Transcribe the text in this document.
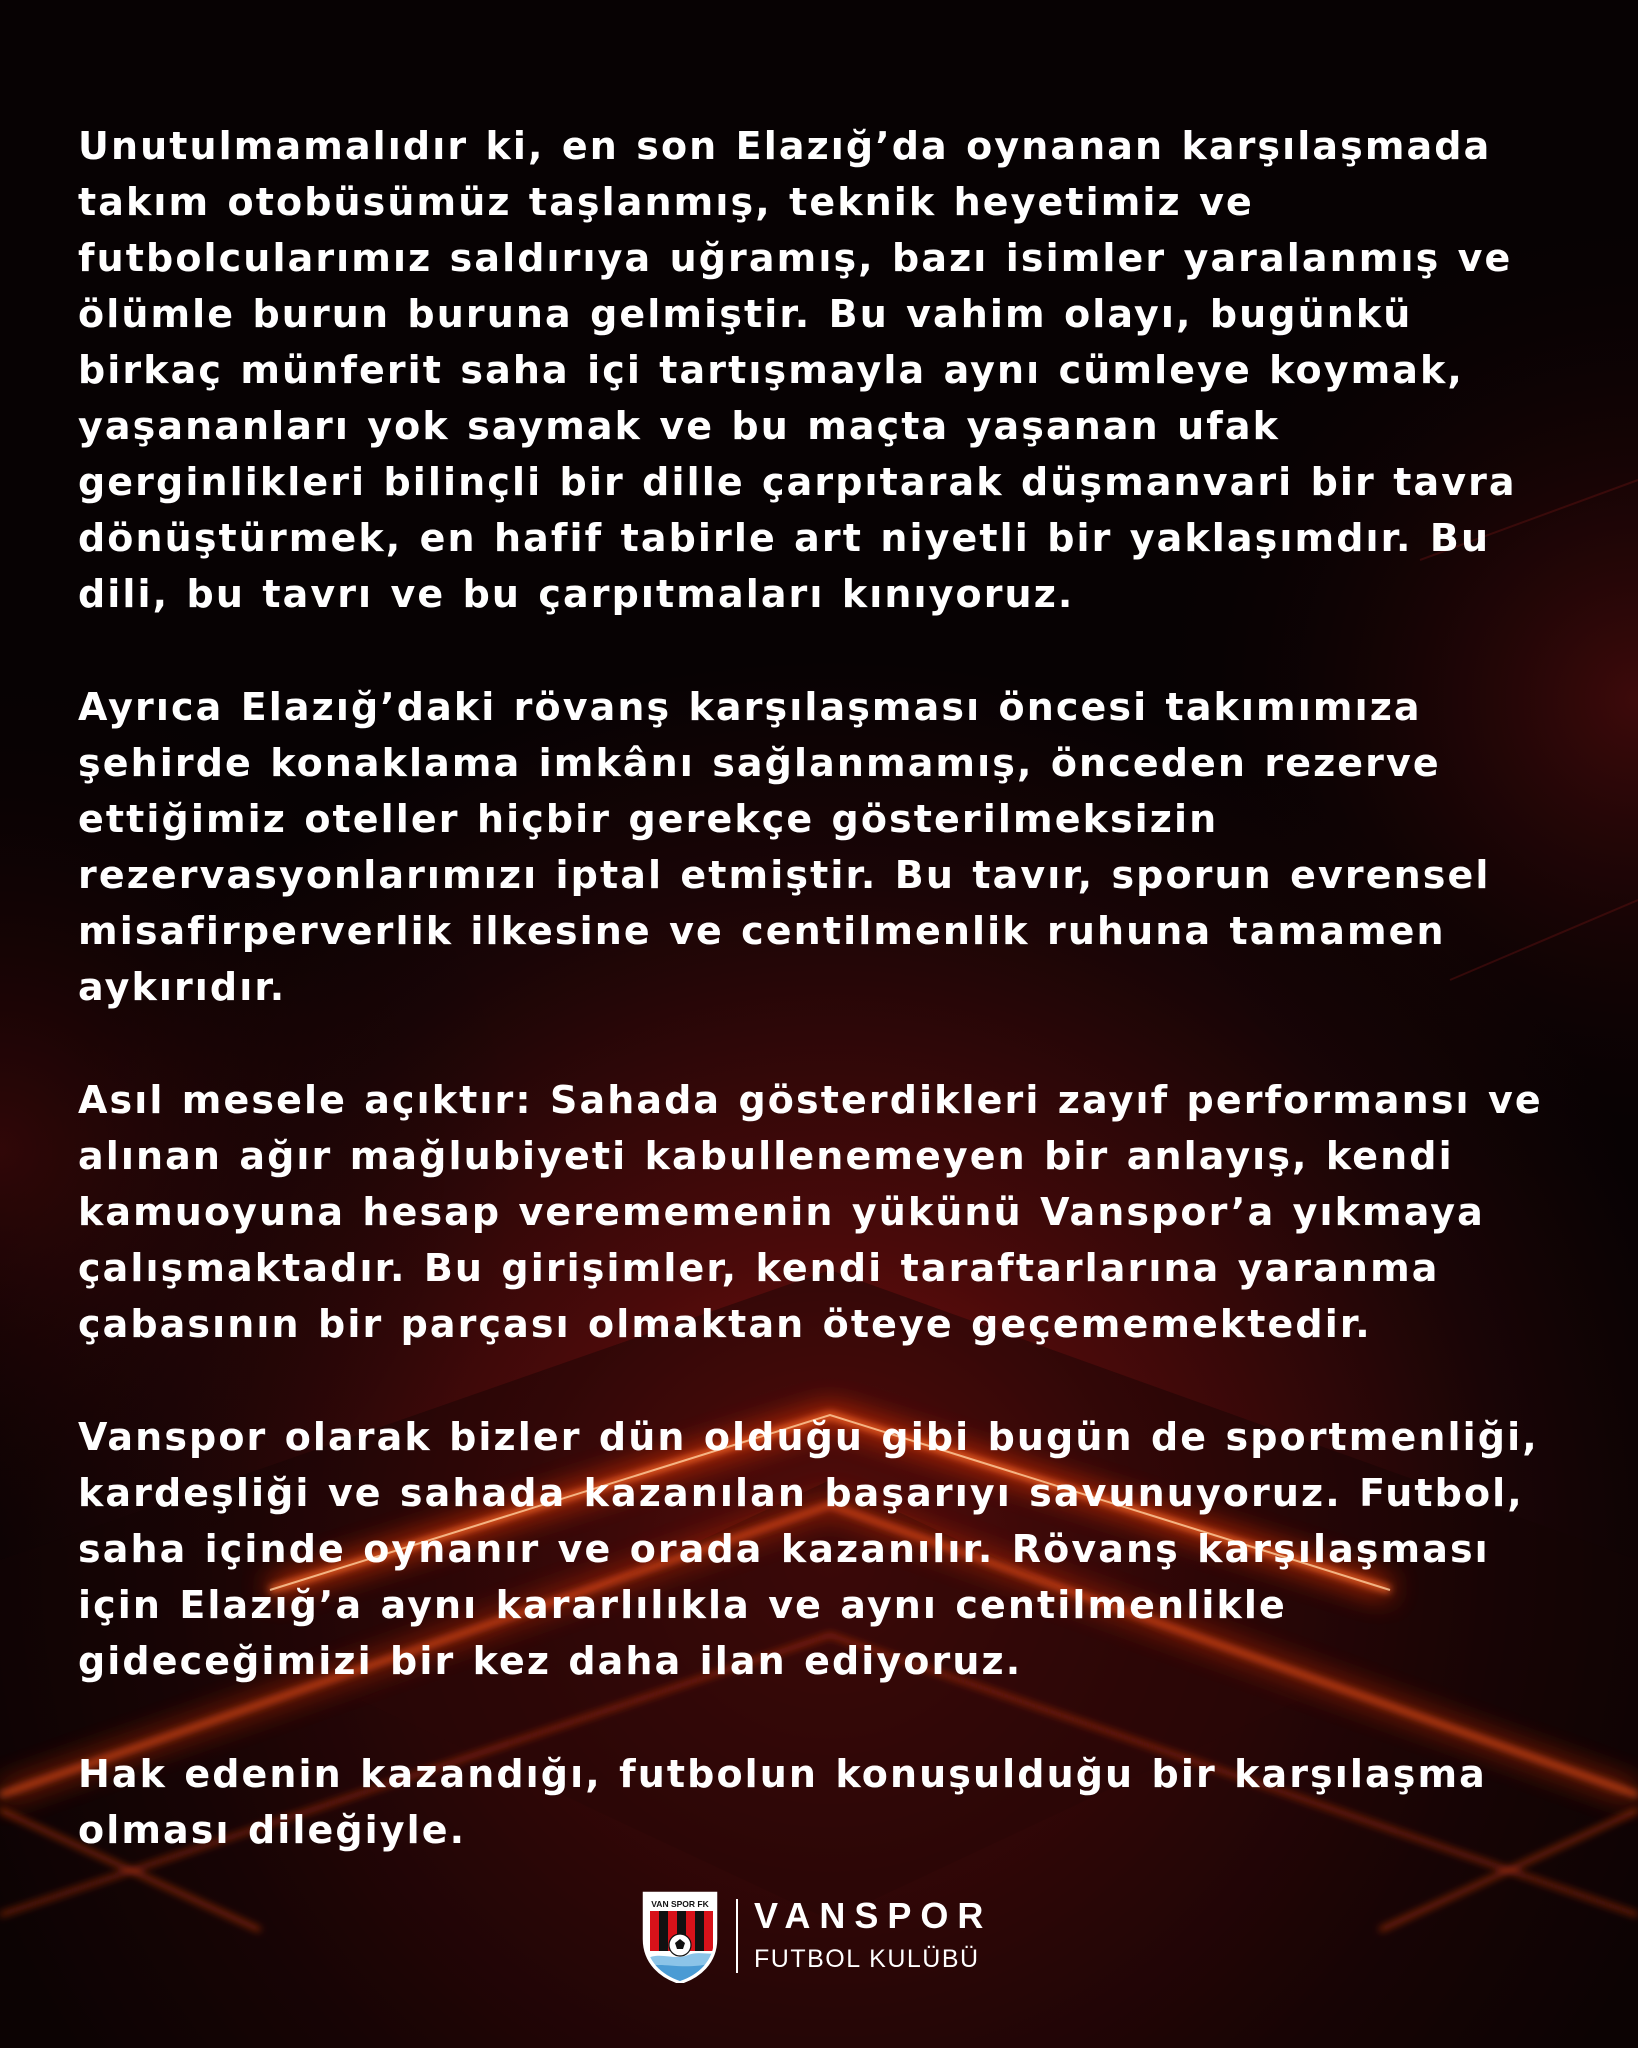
Unutulmamalıdır ki, en son Elazığ’da oynanan karşılaşmada
takım otobüsümüz taşlanmış, teknik heyetimiz ve
futbolcularımız saldırıya uğramış, bazı isimler yaralanmış ve
ölümle burun buruna gelmiştir. Bu vahim olayı, bugünkü
birkaç münferit saha içi tartışmayla aynı cümleye koymak,
yaşananları yok saymak ve bu maçta yaşanan ufak
gerginlikleri bilinçli bir dille çarpıtarak düşmanvari bir tavra
dönüştürmek, en hafif tabirle art niyetli bir yaklaşımdır. Bu
dili, bu tavrı ve bu çarpıtmaları kınıyoruz.

Ayrıca Elazığ’daki rövanş karşılaşması öncesi takımımıza
şehirde konaklama imkânı sağlanmamış, önceden rezerve
ettiğimiz oteller hiçbir gerekçe gösterilmeksizin
rezervasyonlarımızı iptal etmiştir. Bu tavır, sporun evrensel
misafirperverlik ilkesine ve centilmenlik ruhuna tamamen
aykırıdır.

Asıl mesele açıktır: Sahada gösterdikleri zayıf performansı ve
alınan ağır mağlubiyeti kabullenemeyen bir anlayış, kendi
kamuoyuna hesap verememenin yükünü Vanspor’a yıkmaya
çalışmaktadır. Bu girişimler, kendi taraftarlarına yaranma
çabasının bir parçası olmaktan öteye geçememektedir.

Vanspor olarak bizler dün olduğu gibi bugün de sportmenliği,
kardeşliği ve sahada kazanılan başarıyı savunuyoruz. Futbol,
saha içinde oynanır ve orada kazanılır. Rövanş karşılaşması
için Elazığ’a aynı kararlılıkla ve aynı centilmenlikle
gideceğimizi bir kez daha ilan ediyoruz.

Hak edenin kazandığı, futbolun konuşulduğu bir karşılaşma
olması dileğiyle.

VAN SPOR FK VANSPOR
FUTBOL KULÜBÜ
